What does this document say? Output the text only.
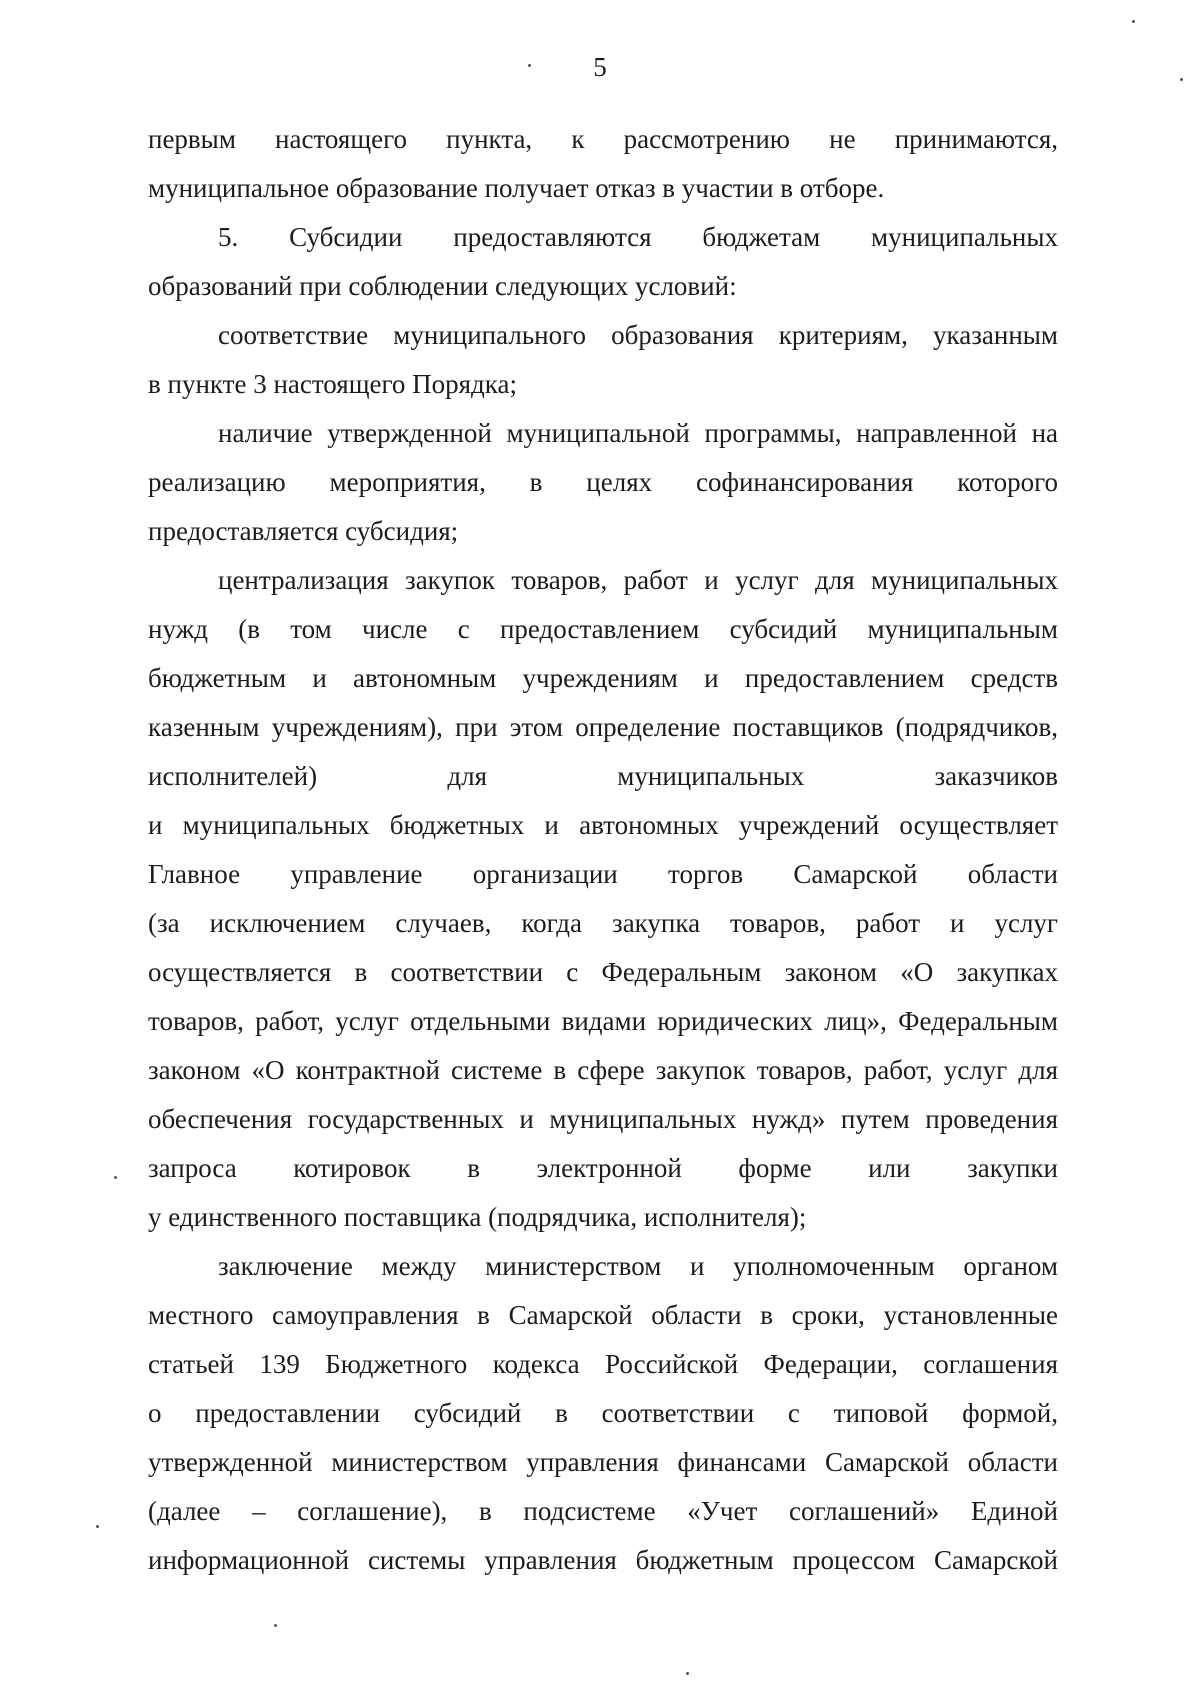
5
первым настоящего пункта, к рассмотрению не принимаются,
муниципальное образование получает отказ в участии в отборе.
5. Субсидии предоставляются бюджетам муниципальных
образований при соблюдении следующих условий:
соответствие муниципального образования критериям, указанным
в пункте 3 настоящего Порядка;
наличие утвержденной муниципальной программы, направленной на
реализацию мероприятия, в целях софинансирования которого
предоставляется субсидия;
централизация закупок товаров, работ и услуг для муниципальных
нужд (в том числе с предоставлением субсидий муниципальным
бюджетным и автономным учреждениям и предоставлением средств
казенным учреждениям), при этом определение поставщиков (подрядчиков,
исполнителей) для муниципальных заказчиков
и муниципальных бюджетных и автономных учреждений осуществляет
Главное управление организации торгов Самарской области
(за исключением случаев, когда закупка товаров, работ и услуг
осуществляется в соответствии с Федеральным законом «О закупках
товаров, работ, услуг отдельными видами юридических лиц», Федеральным
законом «О контрактной системе в сфере закупок товаров, работ, услуг для
обеспечения государственных и муниципальных нужд» путем проведения
запроса котировок в электронной форме или закупки
у единственного поставщика (подрядчика, исполнителя);
заключение между министерством и уполномоченным органом
местного самоуправления в Самарской области в сроки, установленные
статьей 139 Бюджетного кодекса Российской Федерации, соглашения
о предоставлении субсидий в соответствии с типовой формой,
утвержденной министерством управления финансами Самарской области
(далее – соглашение), в подсистеме «Учет соглашений» Единой
информационной системы управления бюджетным процессом Самарской
